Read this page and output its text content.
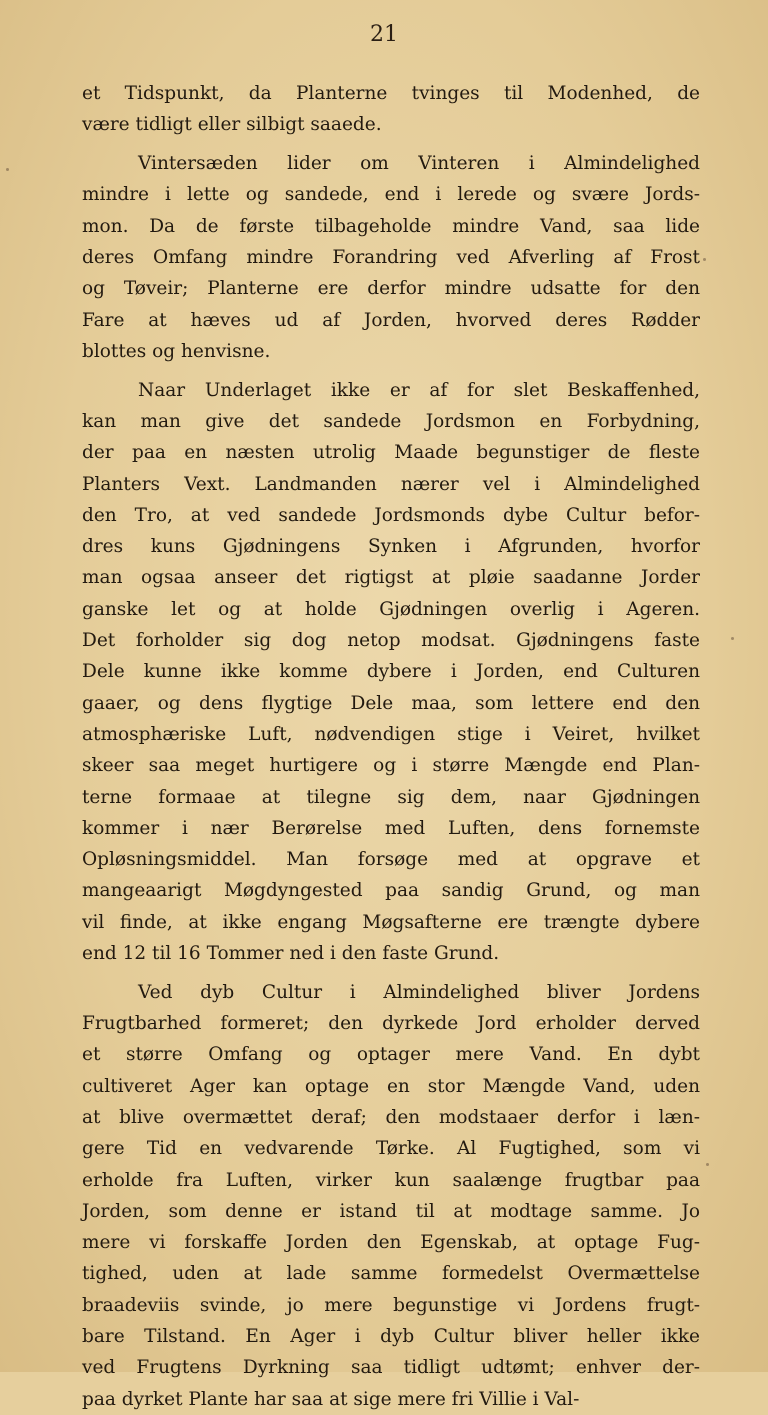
21
et Tidspunkt, da Planterne tvinges til Modenhed, de
være tidligt eller silbigt saaede.
Vintersæden lider om Vinteren i Almindelighed
mindre i lette og sandede, end i lerede og svære Jords-
mon. Da de første tilbageholde mindre Vand, saa lide
deres Omfang mindre Forandring ved Afverling af Frost
og Tøveir; Planterne ere derfor mindre udsatte for den
Fare at hæves ud af Jorden, hvorved deres Rødder
blottes og henvisne.
Naar Underlaget ikke er af for slet Beskaffenhed,
kan man give det sandede Jordsmon en Forbydning,
der paa en næsten utrolig Maade begunstiger de fleste
Planters Vext. Landmanden nærer vel i Almindelighed
den Tro, at ved sandede Jordsmonds dybe Cultur befor-
dres kuns Gjødningens Synken i Afgrunden, hvorfor
man ogsaa anseer det rigtigst at pløie saadanne Jorder
ganske let og at holde Gjødningen overlig i Ageren.
Det forholder sig dog netop modsat. Gjødningens faste
Dele kunne ikke komme dybere i Jorden, end Culturen
gaaer, og dens flygtige Dele maa, som lettere end den
atmosphæriske Luft, nødvendigen stige i Veiret, hvilket
skeer saa meget hurtigere og i større Mængde end Plan-
terne formaae at tilegne sig dem, naar Gjødningen
kommer i nær Berørelse med Luften, dens fornemste
Opløsningsmiddel. Man forsøge med at opgrave et
mangeaarigt Møgdyngested paa sandig Grund, og man
vil finde, at ikke engang Møgsafterne ere trængte dybere
end 12 til 16 Tommer ned i den faste Grund.
Ved dyb Cultur i Almindelighed bliver Jordens
Frugtbarhed formeret; den dyrkede Jord erholder derved
et større Omfang og optager mere Vand. En dybt
cultiveret Ager kan optage en stor Mængde Vand, uden
at blive overmættet deraf; den modstaaer derfor i læn-
gere Tid en vedvarende Tørke. Al Fugtighed, som vi
erholde fra Luften, virker kun saalænge frugtbar paa
Jorden, som denne er istand til at modtage samme. Jo
mere vi forskaffe Jorden den Egenskab, at optage Fug-
tighed, uden at lade samme formedelst Overmættelse
braadeviis svinde, jo mere begunstige vi Jordens frugt-
bare Tilstand. En Ager i dyb Cultur bliver heller ikke
ved Frugtens Dyrkning saa tidligt udtømt; enhver der-
paa dyrket Plante har saa at sige mere fri Villie i Val-
